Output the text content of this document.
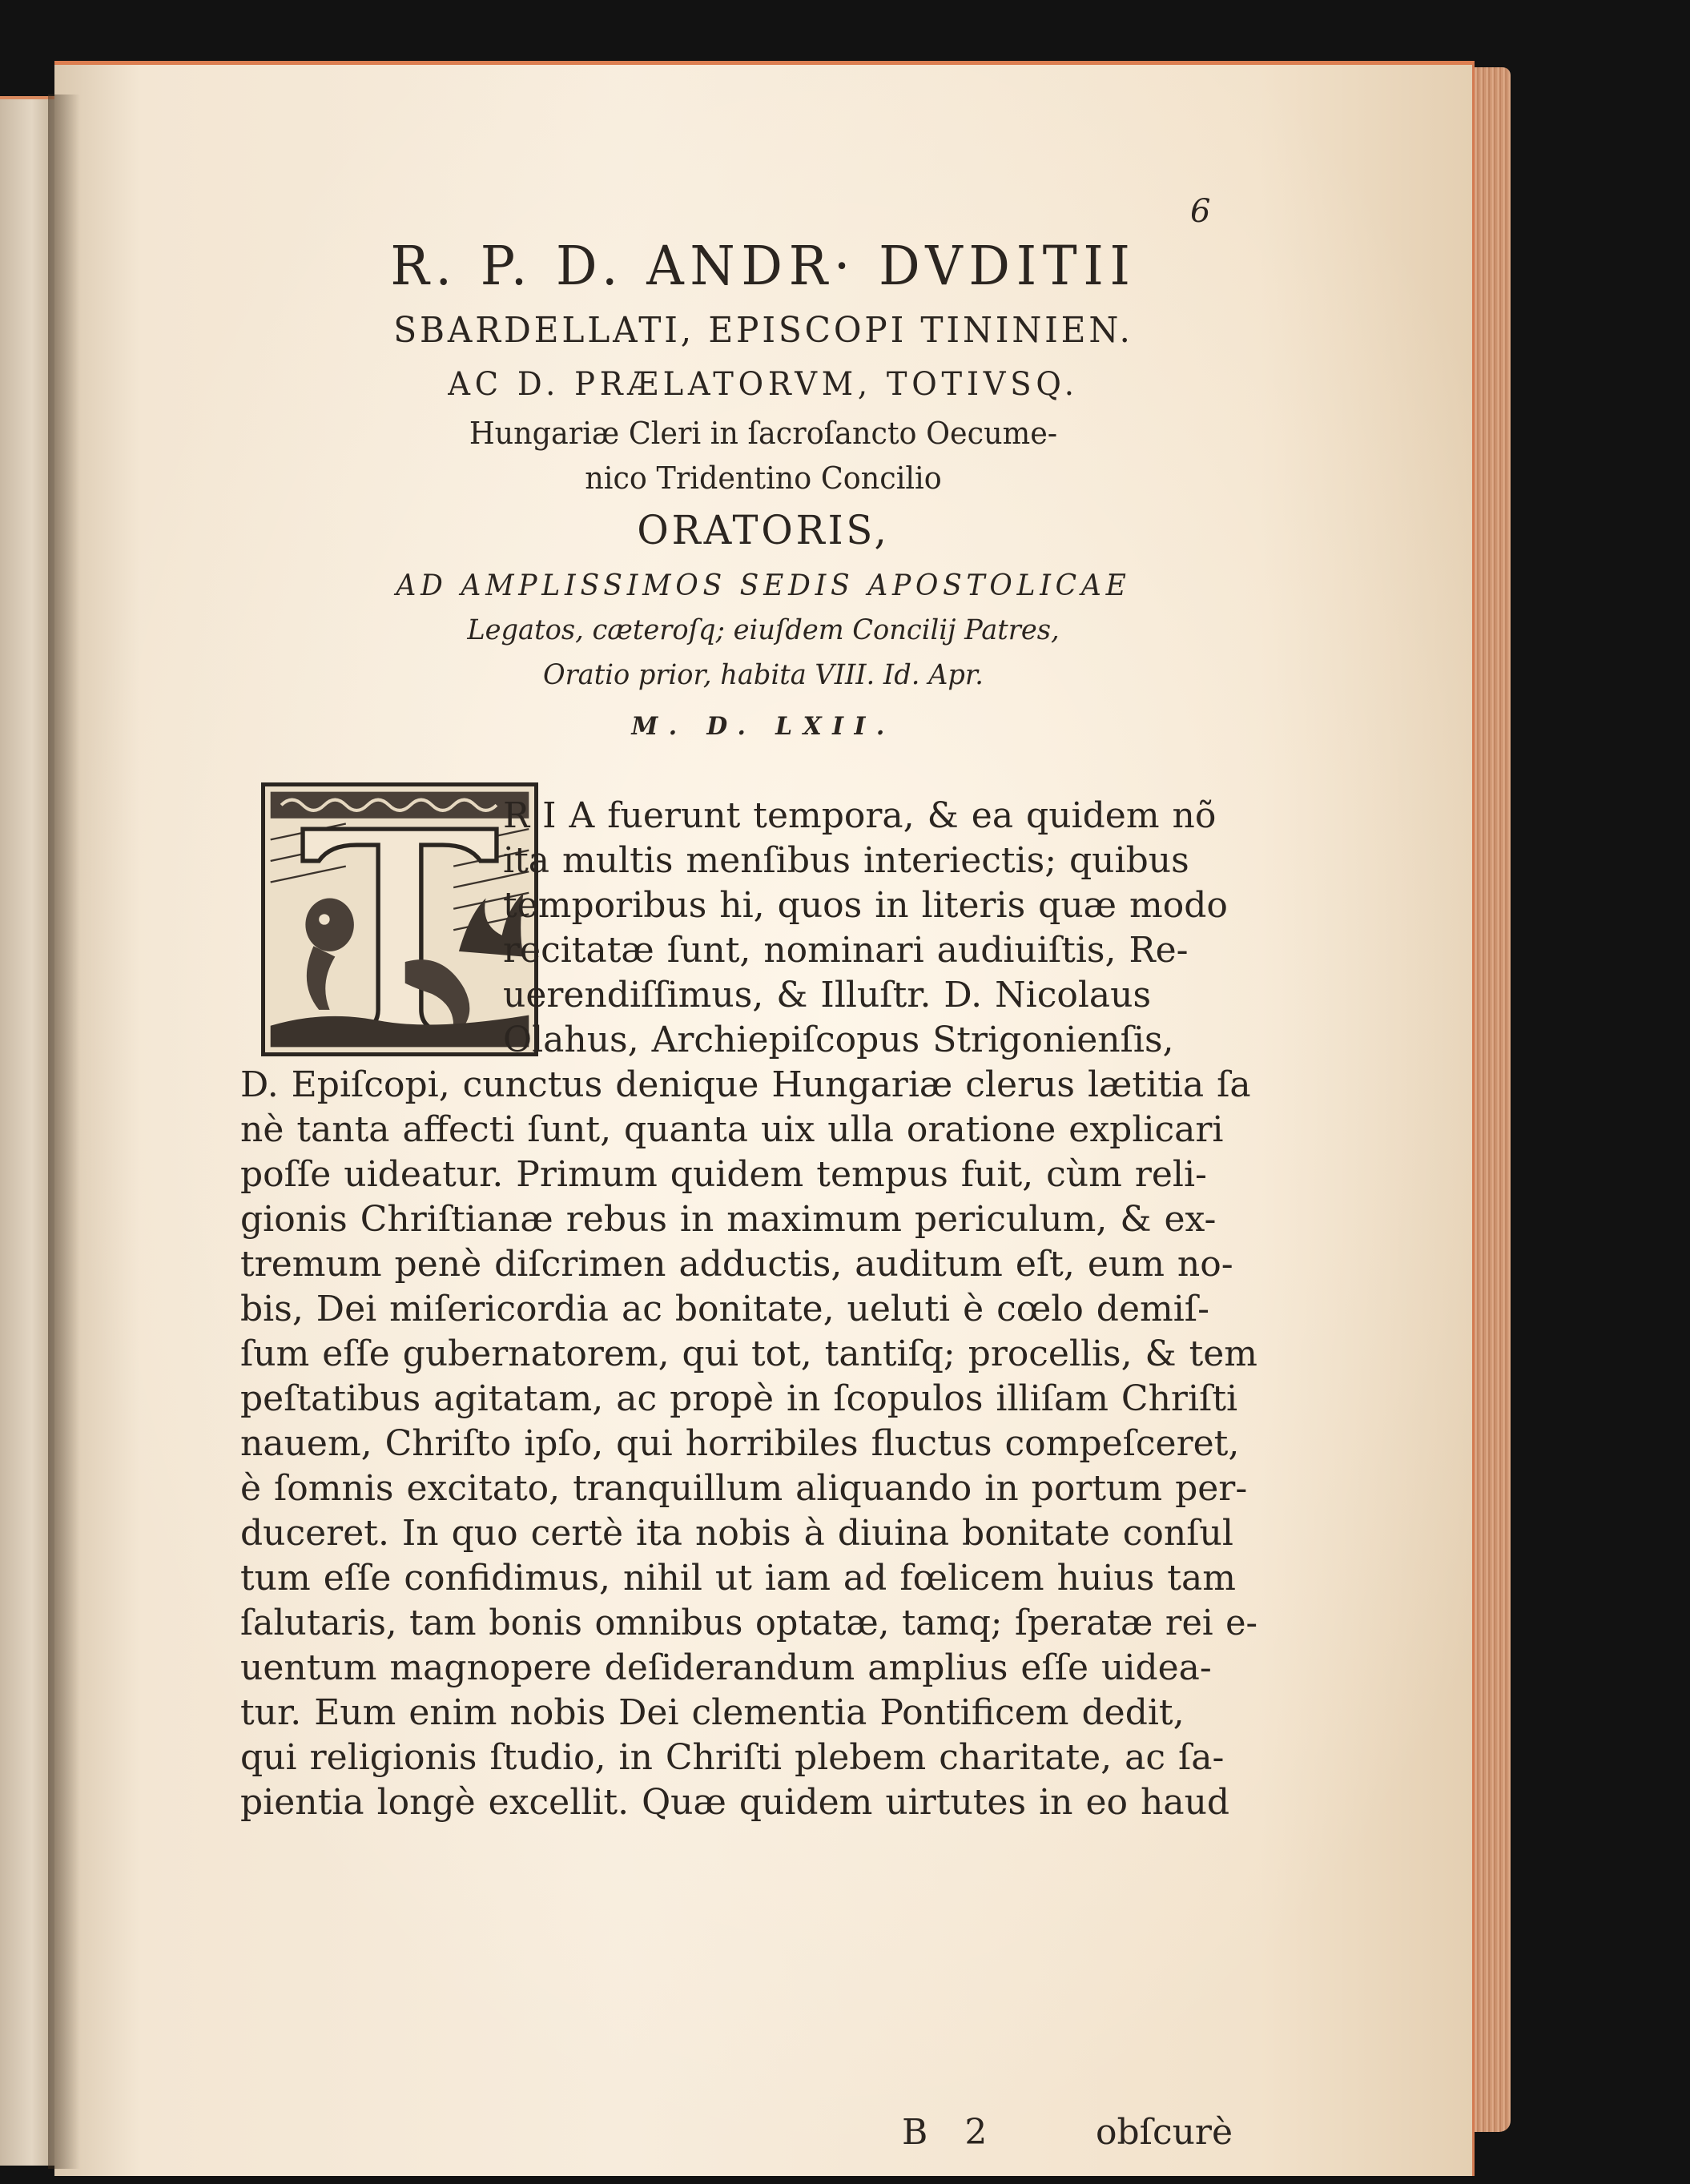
6
R. P. D. ANDR· DVDITII
SBARDELLATI, EPISCOPI TININIEN.
AC D. PRÆLATORVM, TOTIVSQ.
Hungariæ Cleri in ſacroſancto Oecume-
nico Tridentino Concilio
ORATORIS,
AD AMPLISSIMOS SEDIS APOSTOLICAE
Legatos, cæteroſq; eiuſdem Concilij Patres,
Oratio prior, habita VIII. Id. Apr.
M. D. LXII.
R I A fuerunt tempora, & ea quidem nõ
ita multis menſibus interiectis; quibus
temporibus hi, quos in literis quæ modo
recitatæ ſunt, nominari audiuiſtis, Re-
uerendiſſimus, & Illuſtr. D. Nicolaus
Olahus, Archiepiſcopus Strigonienſis,
D. Epiſcopi, cunctus denique Hungariæ clerus lætitia ſa
nè tanta affecti ſunt, quanta uix ulla oratione explicari
poſſe uideatur. Primum quidem tempus fuit, cùm reli-
gionis Chriſtianæ rebus in maximum periculum, & ex-
tremum penè diſcrimen adductis, auditum eſt, eum no-
bis, Dei miſericordia ac bonitate, ueluti è cœlo demiſ-
ſum eſſe gubernatorem, qui tot, tantiſq; procellis, & tem
peſtatibus agitatam, ac propè in ſcopulos illiſam Chriſti
nauem, Chriſto ipſo, qui horribiles fluctus compeſceret,
è ſomnis excitato, tranquillum aliquando in portum per-
duceret. In quo certè ita nobis à diuina bonitate conſul
tum eſſe confidimus, nihil ut iam ad fœlicem huius tam
ſalutaris, tam bonis omnibus optatæ, tamq; ſperatæ rei e-
uentum magnopere deſiderandum amplius eſſe uidea-
tur. Eum enim nobis Dei clementia Pontificem dedit,
qui religionis ſtudio, in Chriſti plebem charitate, ac ſa-
pientia longè excellit. Quæ quidem uirtutes in eo haud
B 2	obſcurè
